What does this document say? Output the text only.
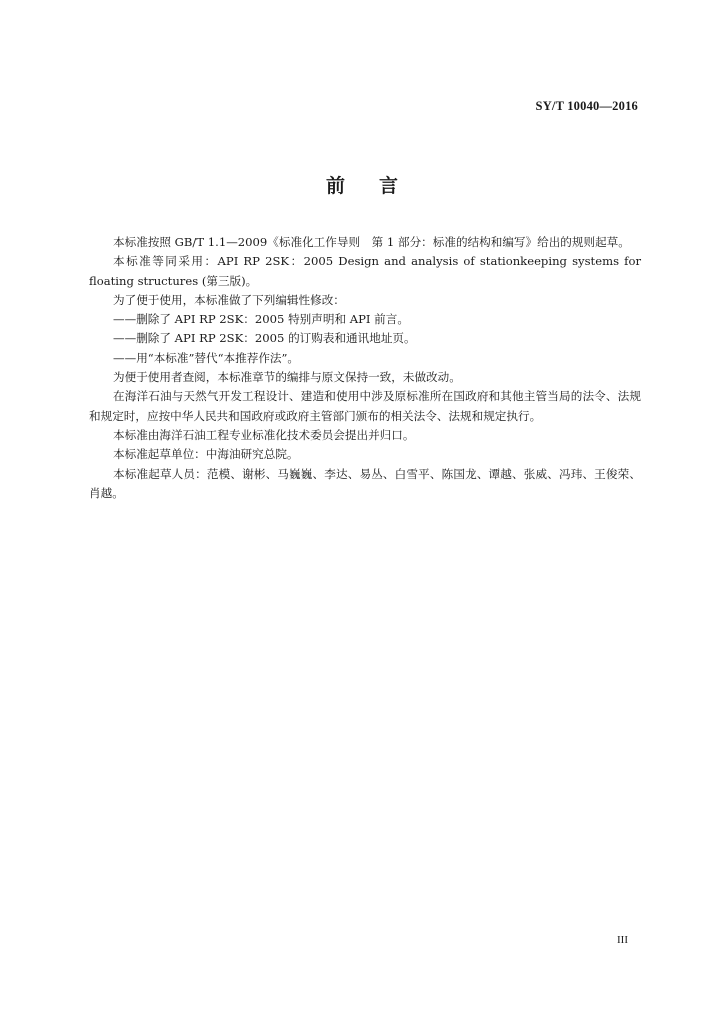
SY/T 10040—2016
前 言

本标准按照 GB/T 1.1—2009《标准化工作导则　第 1 部分：标准的结构和编写》给出的规则起草。

本标准等同采用：API RP 2SK：2005 Design and analysis of stationkeeping systems for floating structures (第三版)。

为了便于使用，本标准做了下列编辑性修改：

——删除了 API RP 2SK：2005 特别声明和 API 前言。

——删除了 API RP 2SK：2005 的订购表和通讯地址页。

——用“本标准”替代“本推荐作法”。

为便于使用者查阅，本标准章节的编排与原文保持一致，未做改动。

在海洋石油与天然气开发工程设计、建造和使用中涉及原标准所在国政府和其他主管当局的法令、法规和规定时，应按中华人民共和国政府或政府主管部门颁布的相关法令、法规和规定执行。

本标准由海洋石油工程专业标准化技术委员会提出并归口。

本标准起草单位：中海油研究总院。

本标准起草人员：范模、谢彬、马巍巍、李达、易丛、白雪平、陈国龙、谭越、张威、冯玮、王俊荣、肖越。

III
